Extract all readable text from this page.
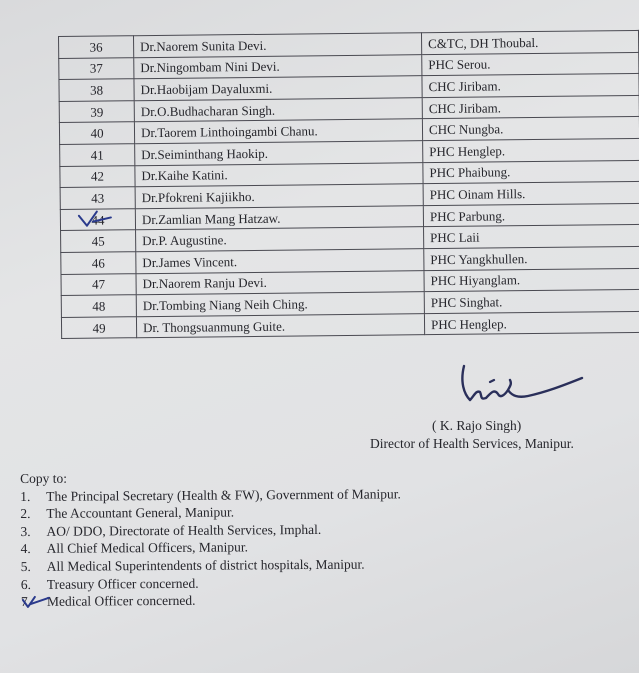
36	Dr.Naorem Sunita Devi.	C&TC, DH Thoubal.
37	Dr.Ningombam Nini Devi.	PHC Serou.
38	Dr.Haobijam Dayaluxmi.	CHC Jiribam.
39	Dr.O.Budhacharan Singh.	CHC Jiribam.
40	Dr.Taorem Linthoingambi Chanu.	CHC Nungba.
41	Dr.Seiminthang Haokip.	PHC Henglep.
42	Dr.Kaihe Katini.	PHC Phaibung.
43	Dr.Pfokreni Kajiikho.	PHC Oinam Hills.
44	Dr.Zamlian Mang Hatzaw.	PHC Parbung.
45	Dr.P. Augustine.	PHC Laii
46	Dr.James Vincent.	PHC Yangkhullen.
47	Dr.Naorem Ranju Devi.	PHC Hiyanglam.
48	Dr.Tombing Niang Neih Ching.	PHC Singhat.
49	Dr. Thongsuanmung Guite.	PHC Henglep.
( K. Rajo Singh)
Director of Health Services, Manipur.
Copy to:
1. The Principal Secretary (Health & FW), Government of Manipur.
2. The Accountant General, Manipur.
3. AO/ DDO, Directorate of Health Services, Imphal.
4. All Chief Medical Officers, Manipur.
5. All Medical Superintendents of district hospitals, Manipur.
6. Treasury Officer concerned.
7. Medical Officer concerned.
